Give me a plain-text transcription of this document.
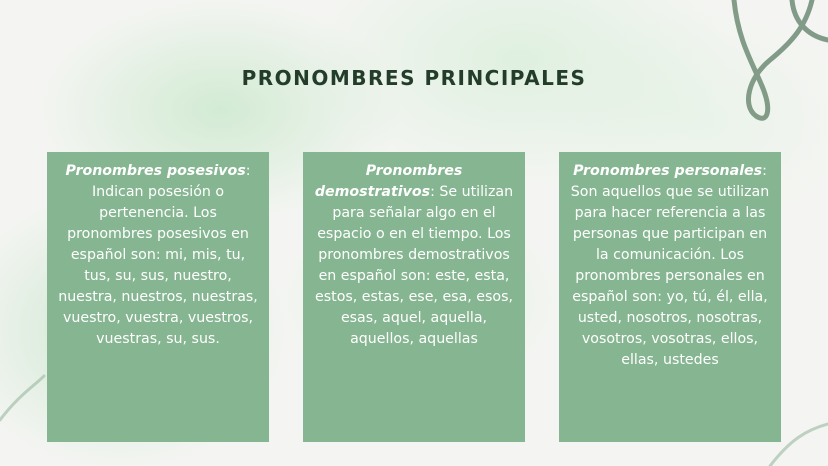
PRONOMBRES PRINCIPALES
Pronombres posesivos: Indican posesión o pertenencia. Los pronombres posesivos en español son: mi, mis, tu, tus, su, sus, nuestro, nuestra, nuestros, nuestras, vuestro, vuestra, vuestros, vuestras, su, sus.
Pronombres demostrativos: Se utilizan para señalar algo en el espacio o en el tiempo. Los pronombres demostrativos en español son: este, esta, estos, estas, ese, esa, esos, esas, aquel, aquella, aquellos, aquellas
Pronombres personales: Son aquellos que se utilizan para hacer referencia a las personas que participan en la comunicación. Los pronombres personales en español son: yo, tú, él, ella, usted, nosotros, nosotras, vosotros, vosotras, ellos, ellas, ustedes
